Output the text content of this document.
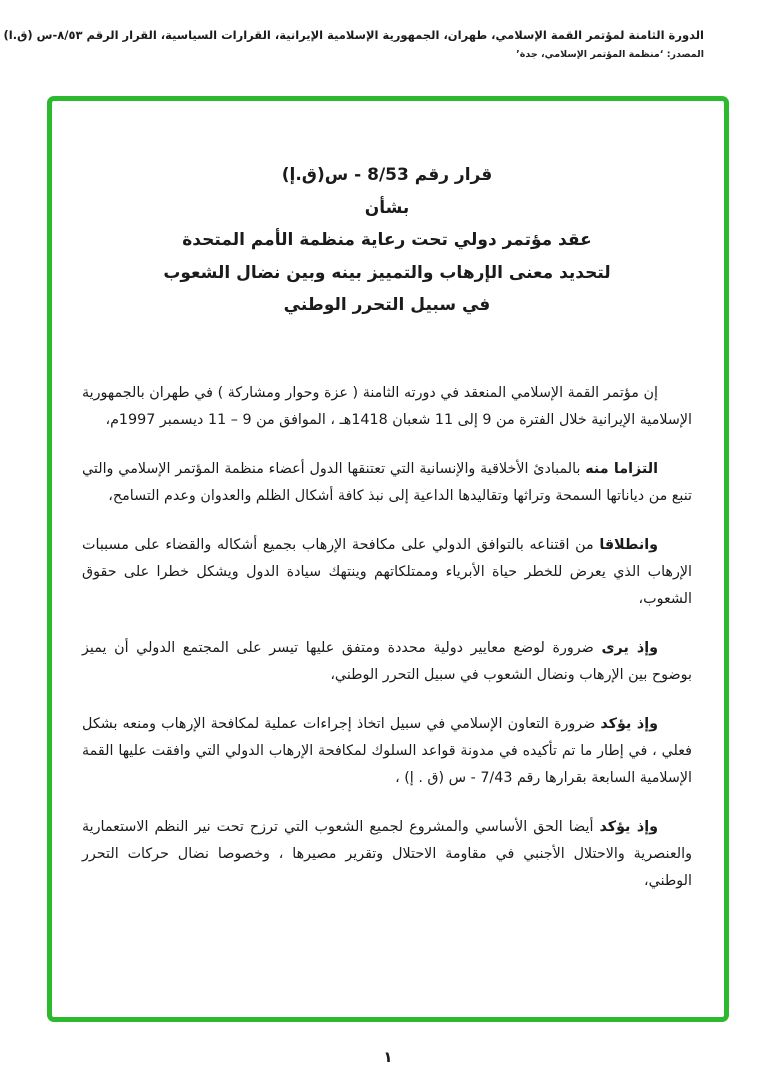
الدورة الثامنة لمؤتمر القمة الإسلامي، طهران، الجمهورية الإسلامية الإيرانية، القرارات السياسية، القرار الرقم ٨/٥٣-س (ق.ا)
المصدر: ‘منظمة المؤتمر الإسلامي، جدة’
قرار رقم 8/53 - س(ق.إ)
بشأن
عقد مؤتمر دولي تحت رعاية منظمة الأمم المتحدة
لتحديد معنى الإرهاب والتمييز بينه وبين نضال الشعوب
في سبيل التحرر الوطني

إن مؤتمر القمة الإسلامي المنعقد في دورته الثامنة ( عزة وحوار ومشاركة ) في طهران بالجمهورية الإسلامية الإيرانية خلال الفترة من 9 إلى 11 شعبان 1418هـ ، الموافق من 9 – 11 ديسمبر 1997م،

التزاما منه بالمبادئ الأخلاقية والإنسانية التي تعتنقها الدول أعضاء منظمة المؤتمر الإسلامي والتي تنبع من دياناتها السمحة وتراثها وتقاليدها الداعية إلى نبذ كافة أشكال الظلم والعدوان وعدم التسامح،

وانطلاقا من اقتناعه بالتوافق الدولي على مكافحة الإرهاب بجميع أشكاله والقضاء على مسببات الإرهاب الذي يعرض للخطر حياة الأبرياء وممتلكاتهم وينتهك سيادة الدول ويشكل خطرا على حقوق الشعوب،

وإذ يرى ضرورة لوضع معايير دولية محددة ومتفق عليها تيسر على المجتمع الدولي أن يميز بوضوح بين الإرهاب ونضال الشعوب في سبيل التحرر الوطني،

وإذ يؤكد ضرورة التعاون الإسلامي في سبيل اتخاذ إجراءات عملية لمكافحة الإرهاب ومنعه بشكل فعلي ، في إطار ما تم تأكيده في مدونة قواعد السلوك لمكافحة الإرهاب الدولي التي وافقت عليها القمة الإسلامية السابعة بقرارها رقم 7/43 - س (ق . إ) ،

وإذ يؤكد أيضا الحق الأساسي والمشروع لجميع الشعوب التي ترزح تحت نير النظم الاستعمارية والعنصرية والاحتلال الأجنبي في مقاومة الاحتلال وتقرير مصيرها ، وخصوصا نضال حركات التحرر الوطني،

١
